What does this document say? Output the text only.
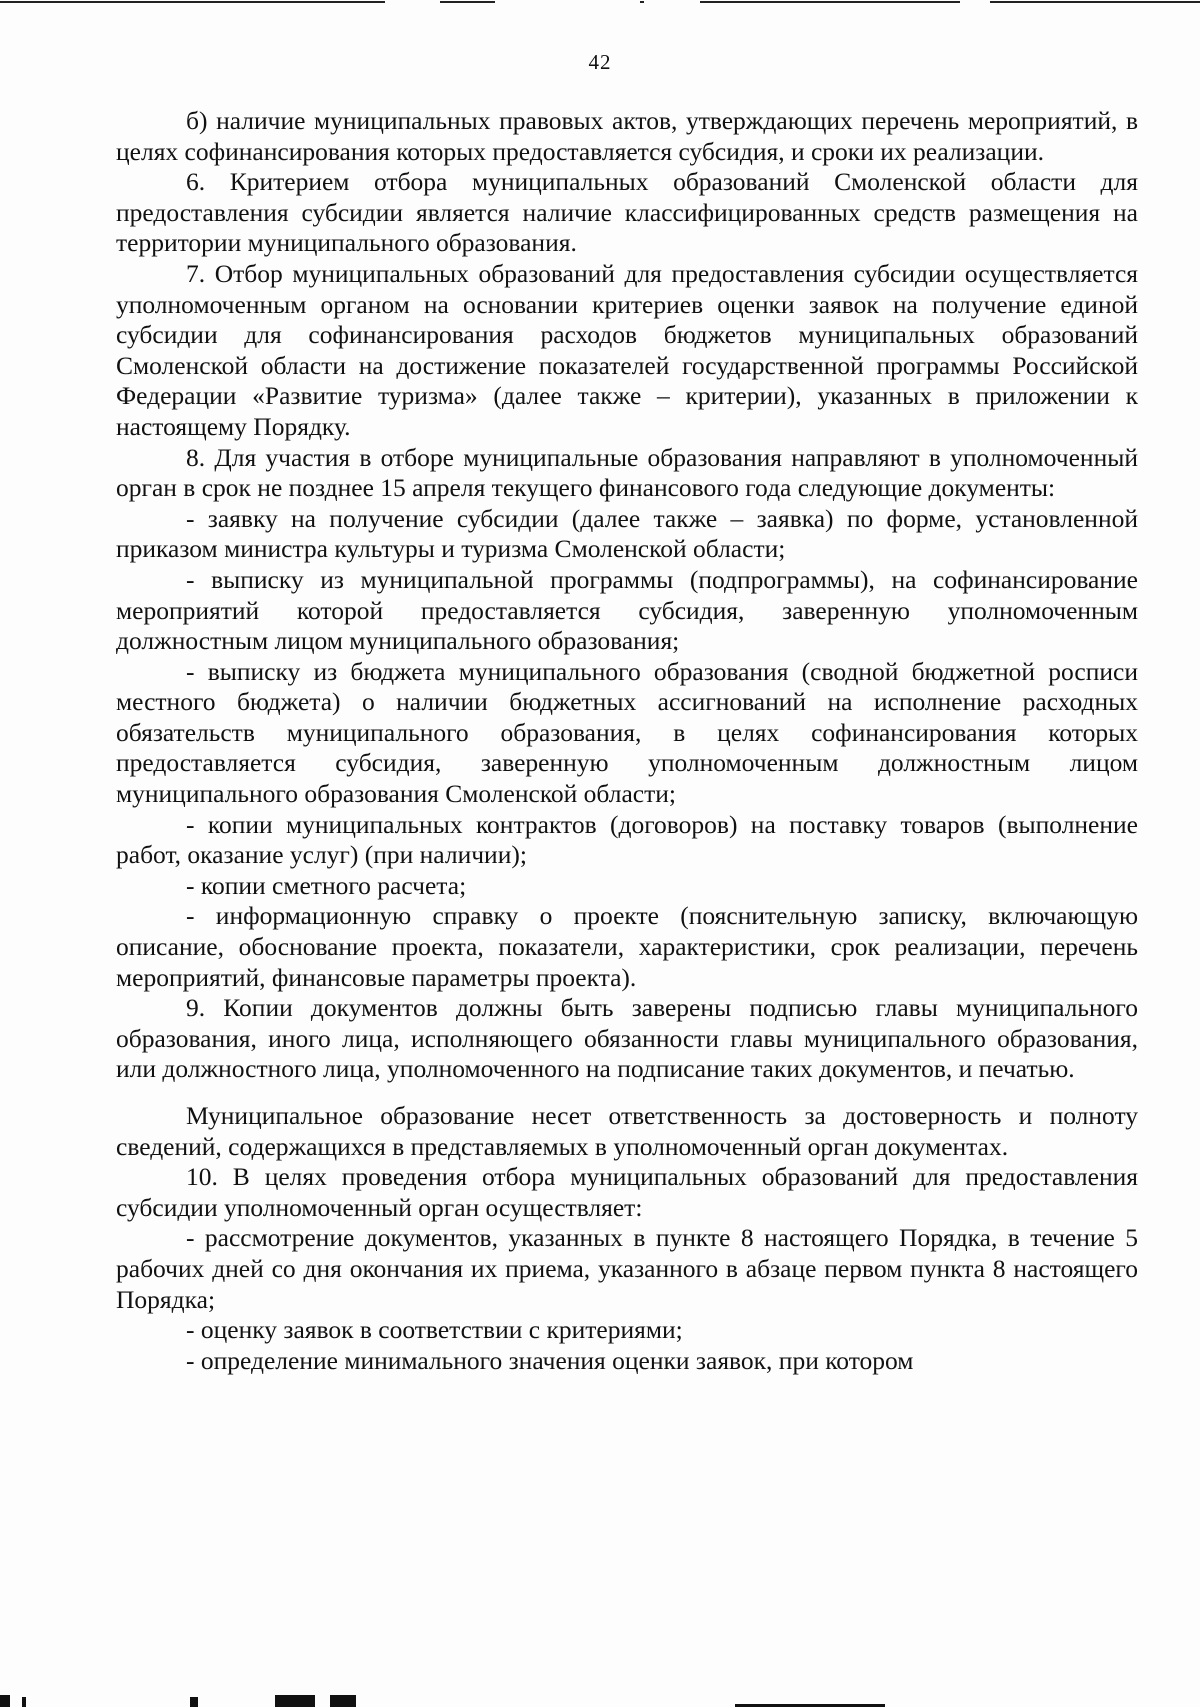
42

б) наличие муниципальных правовых актов, утверждающих перечень мероприятий, в целях софинансирования которых предоставляется субсидия, и сроки их реализации.

6. Критерием отбора муниципальных образований Смоленской области для предоставления субсидии является наличие классифицированных средств размещения на территории муниципального образования.

7. Отбор муниципальных образований для предоставления субсидии осуществляется уполномоченным органом на основании критериев оценки заявок на получение единой субсидии для софинансирования расходов бюджетов муниципальных образований Смоленской области на достижение показателей государственной программы Российской Федерации «Развитие туризма» (далее также – критерии), указанных в приложении к настоящему Порядку.

8. Для участия в отборе муниципальные образования направляют в уполномоченный орган в срок не позднее 15 апреля текущего финансового года следующие документы:

- заявку на получение субсидии (далее также – заявка) по форме, установленной приказом министра культуры и туризма Смоленской области;

- выписку из муниципальной программы (подпрограммы), на софинансирование мероприятий которой предоставляется субсидия, заверенную уполномоченным должностным лицом муниципального образования;

- выписку из бюджета муниципального образования (сводной бюджетной росписи местного бюджета) о наличии бюджетных ассигнований на исполнение расходных обязательств муниципального образования, в целях софинансирования которых предоставляется субсидия, заверенную уполномоченным должностным лицом муниципального образования Смоленской области;

- копии муниципальных контрактов (договоров) на поставку товаров (выполнение работ, оказание услуг) (при наличии);

- копии сметного расчета;

- информационную справку о проекте (пояснительную записку, включающую описание, обоснование проекта, показатели, характеристики, срок реализации, перечень мероприятий, финансовые параметры проекта).

9. Копии документов должны быть заверены подписью главы муниципального образования, иного лица, исполняющего обязанности главы муниципального образования, или должностного лица, уполномоченного на подписание таких документов, и печатью.

Муниципальное образование несет ответственность за достоверность и полноту сведений, содержащихся в представляемых в уполномоченный орган документах.

10. В целях проведения отбора муниципальных образований для предоставления субсидии уполномоченный орган осуществляет:

- рассмотрение документов, указанных в пункте 8 настоящего Порядка, в течение 5 рабочих дней со дня окончания их приема, указанного в абзаце первом пункта 8 настоящего Порядка;

- оценку заявок в соответствии с критериями;

- определение минимального значения оценки заявок, при котором
